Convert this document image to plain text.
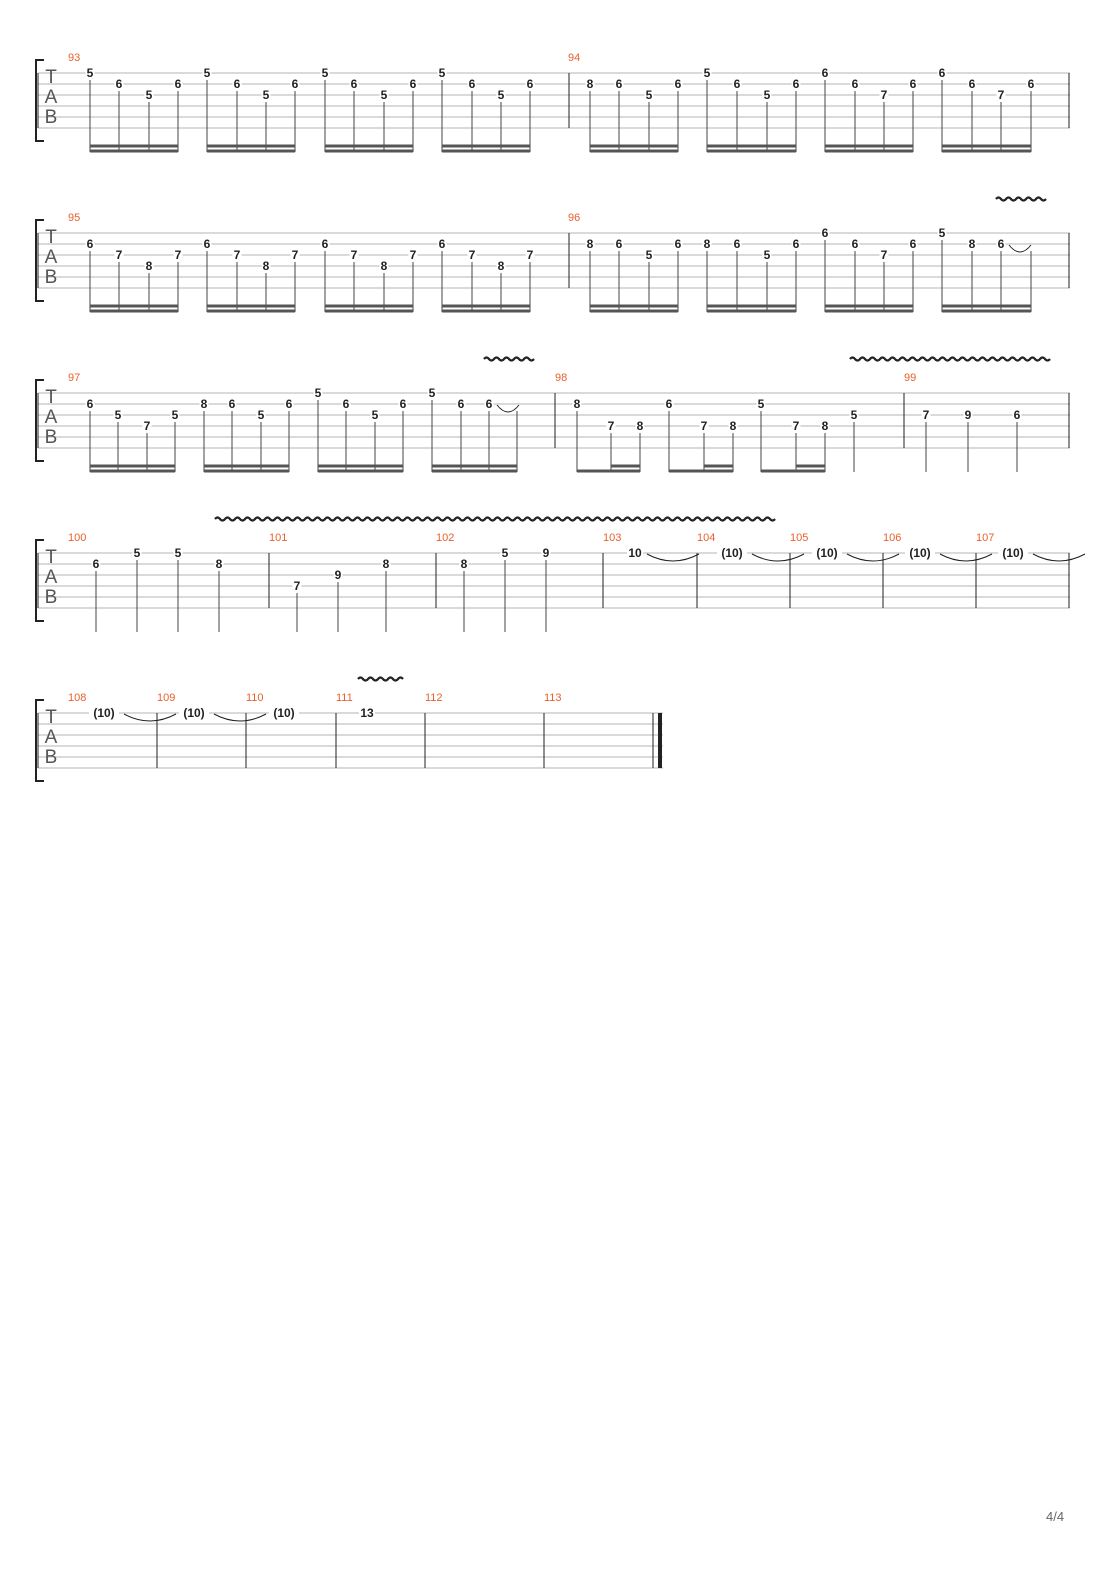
T
A
B
93
5
6
5
6
5
6
5
6
5
6
5
6
5
6
5
6
94
8 6
5
6
5
6
5
6
6
6
7
6
6
6
7
6
T
A
B
95
6
7
8
7
6
7
8
7
6
7
8
7
6
7
8
7
96
8 6
5
6 8 6
5
6
6
6
7
6
5
8 6
T
A
B
97
6
5
7
5
8 6
5
6
5
6
5
6
5
6 6
98
8
7 8
6
7 8
5
7 8
5
99
7	9	6
T
A
B
100
6
5	5
8
101
7
9
8
102
8
5	9
103
10
104
(10)
105
(10)
106
(10)
107
(10)
T
A
B
108
(10)
109
(10)
110
(10)
111
13
112	113
4/4
